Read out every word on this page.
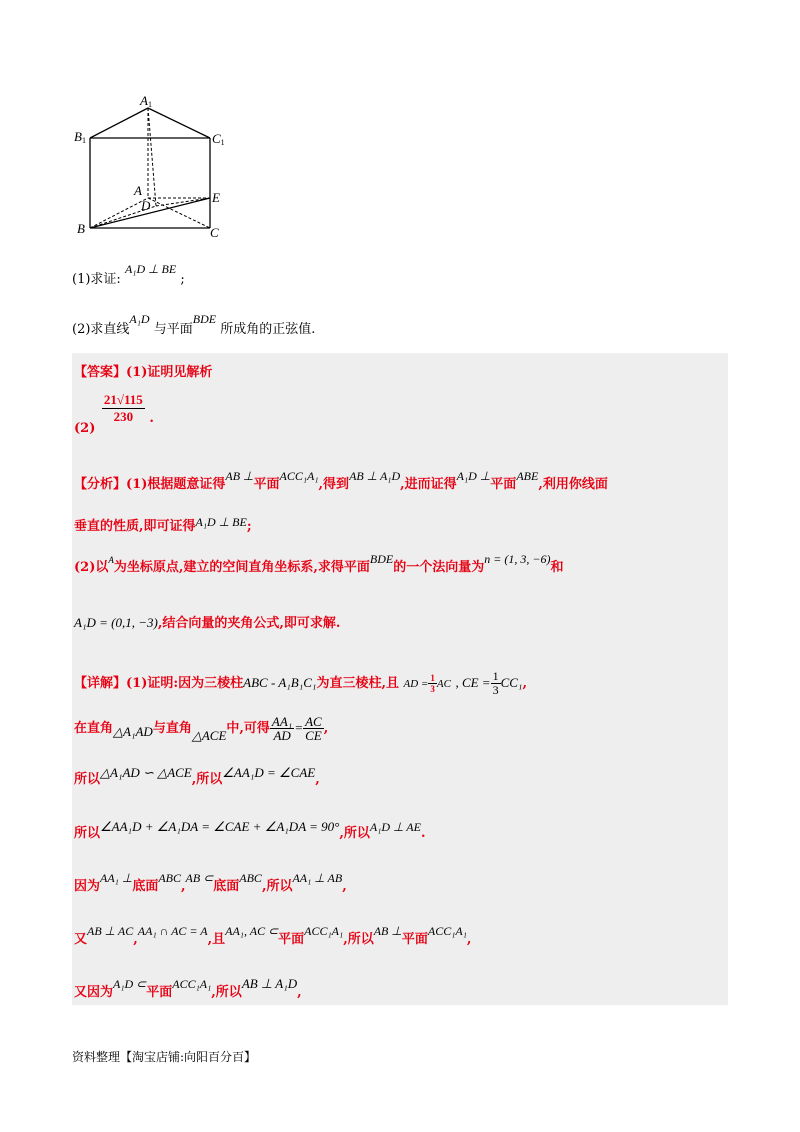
$A_1$
$B_1$	$C_1$
A
D
E
B	C
(1)求证: A₁D ⊥ BE ;
(2)求直线A₁D 与平面BDE 所成角的正弦值.
【答案】(1)证明见解析
(2)
$\frac{21√115}{230}$ .
【分析】(1)根据题意证得AB ⊥平面ACC₁A₁,得到AB ⊥ A₁D,进而证得A₁D ⊥平面ABE,利用你线面
垂直的性质,即可证得A₁D ⊥ BE;
(2)以$^A$为坐标原点,建立的空间直角坐标系,求得平面BDE的一个法向量为n = (1, 3, −6)和
A₁D = (0,1, −3),结合向量的夹角公式,即可求解.
【详解】(1)证明:因为三棱柱ABC - A₁B₁C₁为直三棱柱,且 AD = $\frac{1}{3}$ AC , CE = $\frac{1}{3} CC_1$,
在直角△A₁AD与直角△ACE中,可得 $\frac{\text{AA₁}}{AD} = \frac{AC}{CE}$ ,
所以△A₁AD ∽ △ACE,所以∠AA₁D = ∠CAE,
所以∠AA₁D + ∠A₁DA = ∠CAE + ∠A₁DA = 90°,所以A₁D ⊥ AE.
因为AA₁ ⊥底面ABC,AB ⊂底面ABC,所以AA₁ ⊥ AB,
又AB ⊥ AC,AA₁ ∩ AC = A,且AA₁, AC ⊂平面ACC₁A₁,所以AB ⊥平面ACC₁A₁,
又因为A₁D ⊂平面ACC₁A₁,所以AB ⊥ A₁D,
资料整理【淘宝店铺:向阳百分百】
